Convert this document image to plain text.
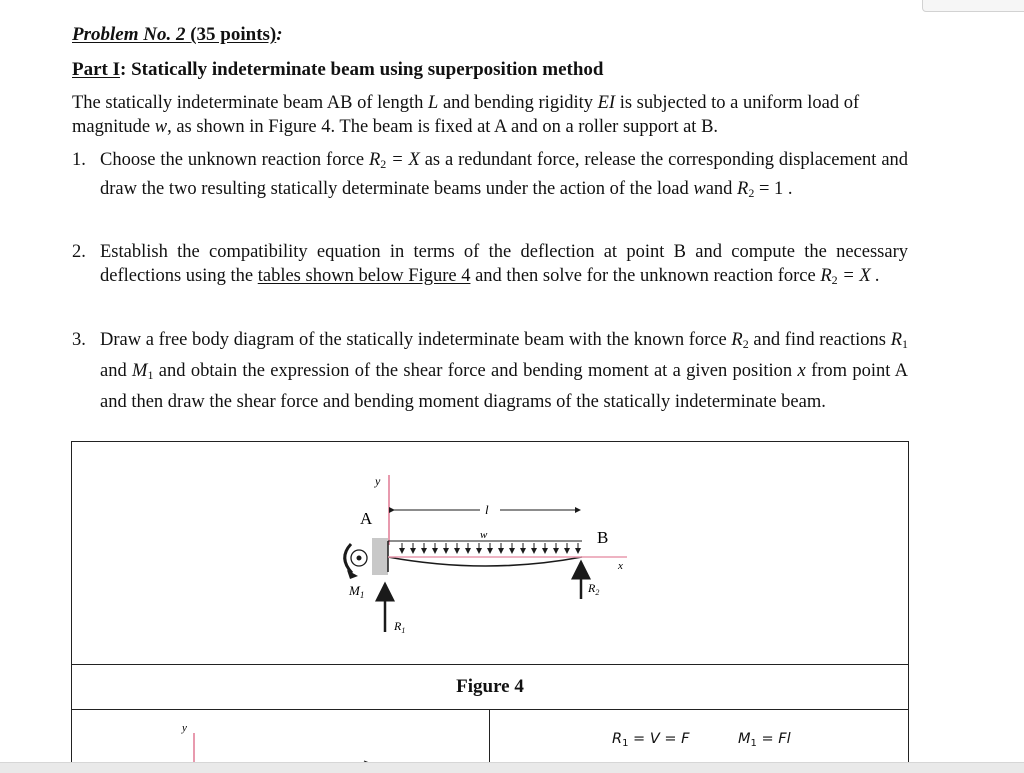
Problem No. 2 (35 points):
Part I: Statically indeterminate beam using superposition method
The statically indeterminate beam AB of length L and bending rigidity EI is subjected to a uniform load of magnitude w, as shown in Figure 4. The beam is fixed at A and on a roller support at B.
1. Choose the unknown reaction force $R_2 = X$ as a redundant force, release the corresponding displacement and draw the two resulting statically determinate beams under the action of the load wand $R_2 = 1$ .
2. Establish the compatibility equation in terms of the deflection at point B and compute the necessary deflections using the tables shown below Figure 4 and then solve for the unknown reaction force $R_2 = X$ .
3. Draw a free body diagram of the statically indeterminate beam with the known force $R_2$ and find reactions $R_1$ and $M_1$ and obtain the expression of the shear force and bending moment at a given position x from point A and then draw the shear force and bending moment diagrams of the statically indeterminate beam.
y
l
A
w	B
x
$M_1$
$R_1$
$R_2$
Figure 4
y
$R_1 = V = F$	$M_1 = Fl$
